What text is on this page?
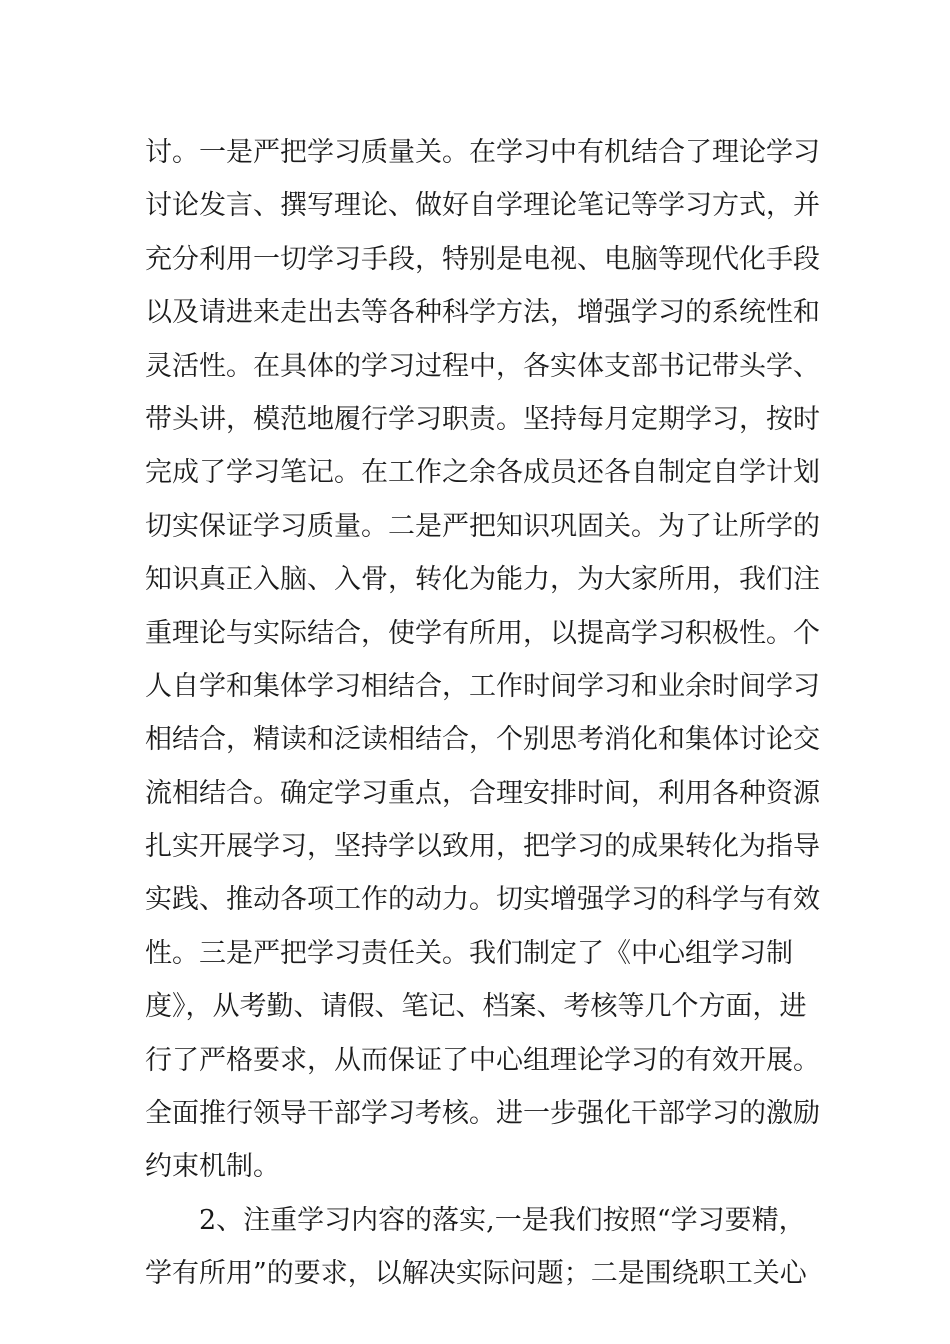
讨。一是严把学习质量关。在学习中有机结合了理论学习
讨论发言、撰写理论、做好自学理论笔记等学习方式，并
充分利用一切学习手段，特别是电视、电脑等现代化手段
以及请进来走出去等各种科学方法，增强学习的系统性和
灵活性。在具体的学习过程中，各实体支部书记带头学、
带头讲，模范地履行学习职责。坚持每月定期学习，按时
完成了学习笔记。在工作之余各成员还各自制定自学计划
切实保证学习质量。二是严把知识巩固关。为了让所学的
知识真正入脑、入骨，转化为能力，为大家所用，我们注
重理论与实际结合，使学有所用，以提高学习积极性。个
人自学和集体学习相结合，工作时间学习和业余时间学习
相结合，精读和泛读相结合，个别思考消化和集体讨论交
流相结合。确定学习重点，合理安排时间，利用各种资源
扎实开展学习，坚持学以致用，把学习的成果转化为指导
实践、推动各项工作的动力。切实增强学习的科学与有效
性。三是严把学习责任关。我们制定了《中心组学习制
度》，从考勤、请假、笔记、档案、考核等几个方面，进
行了严格要求，从而保证了中心组理论学习的有效开展。
全面推行领导干部学习考核。进一步强化干部学习的激励
约束机制。
2、注重学习内容的落实,一是我们按照“学习要精，
学有所用”的要求，以解决实际问题；二是围绕职工关心
